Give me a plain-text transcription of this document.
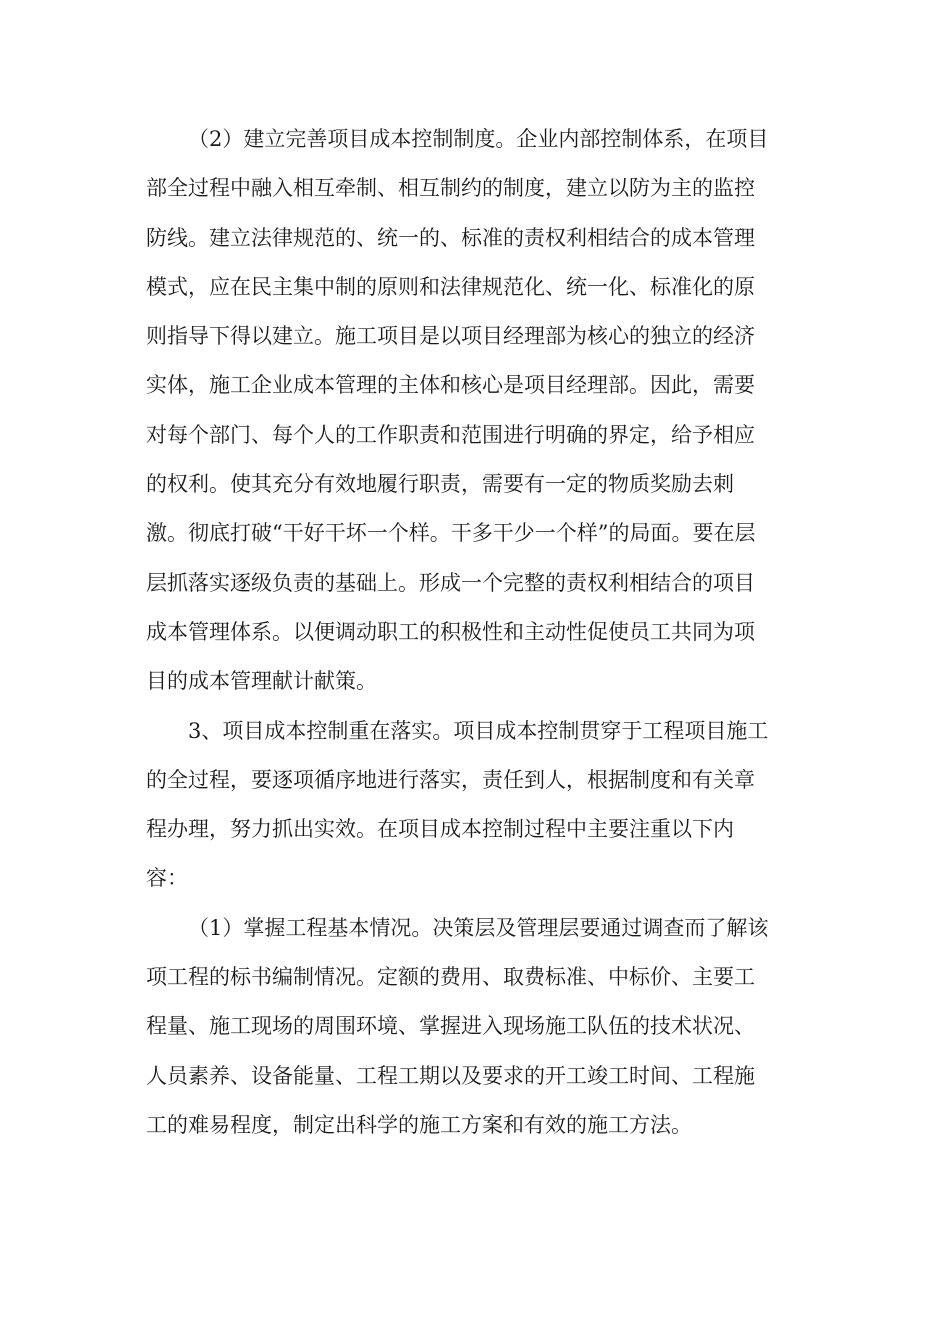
（2）建立完善项目成本控制制度。企业内部控制体系，在项目
部全过程中融入相互牵制、相互制约的制度，建立以防为主的监控
防线。建立法律规范的、统一的、标准的责权利相结合的成本管理
模式，应在民主集中制的原则和法律规范化、统一化、标准化的原
则指导下得以建立。施工项目是以项目经理部为核心的独立的经济
实体，施工企业成本管理的主体和核心是项目经理部。因此，需要
对每个部门、每个人的工作职责和范围进行明确的界定，给予相应
的权利。使其充分有效地履行职责，需要有一定的物质奖励去刺
激。彻底打破“干好干坏一个样。干多干少一个样”的局面。要在层
层抓落实逐级负责的基础上。形成一个完整的责权利相结合的项目
成本管理体系。以便调动职工的积极性和主动性促使员工共同为项
目的成本管理献计献策。
3、项目成本控制重在落实。项目成本控制贯穿于工程项目施工
的全过程，要逐项循序地进行落实，责任到人，根据制度和有关章
程办理，努力抓出实效。在项目成本控制过程中主要注重以下内
容：
（1）掌握工程基本情况。决策层及管理层要通过调查而了解该
项工程的标书编制情况。定额的费用、取费标准、中标价、主要工
程量、施工现场的周围环境、掌握进入现场施工队伍的技术状况、
人员素养、设备能量、工程工期以及要求的开工竣工时间、工程施
工的难易程度，制定出科学的施工方案和有效的施工方法。
